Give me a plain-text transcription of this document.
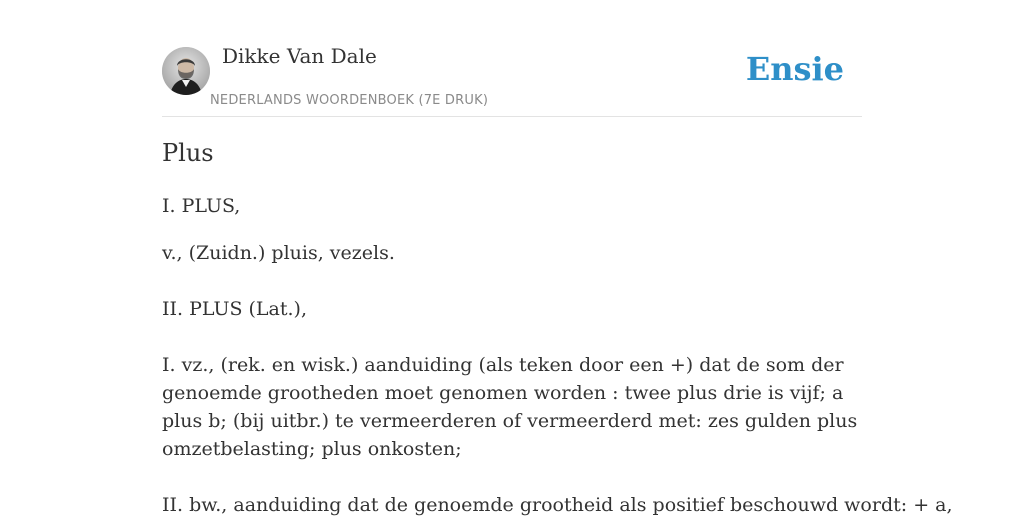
Dikke Van Dale
NEDERLANDS WOORDENBOEK (7E DRUK)
Ensie
Plus

I. PLUS,

v., (Zuidn.) pluis, vezels.

II. PLUS (Lat.),

I. vz., (rek. en wisk.) aanduiding (als teken door een +) dat de som der genoemde grootheden moet genomen worden : twee plus drie is vijf; a plus b; (bij uitbr.) te vermeerderen of vermeerderd met: zes gulden plus omzetbelasting; plus onkosten;

II. bw., aanduiding dat de genoemde grootheid als positief beschouwd wordt: + a,
